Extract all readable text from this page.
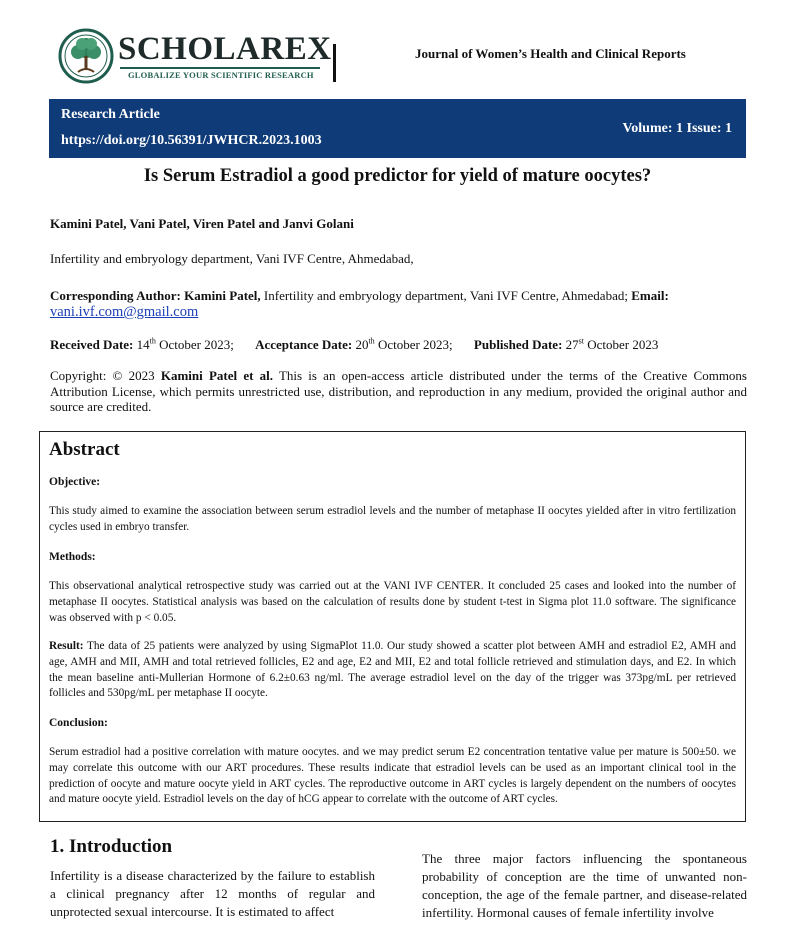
SCHOLAREX
GLOBALIZE YOUR SCIENTIFIC RESEARCH
Journal of Women’s Health and Clinical Reports
Research Article
https://doi.org/10.56391/JWHCR.2023.1003
Volume: 1 Issue: 1
Is Serum Estradiol a good predictor for yield of mature oocytes?
Kamini Patel, Vani Patel, Viren Patel and Janvi Golani
Infertility and embryology department, Vani IVF Centre, Ahmedabad,
Corresponding Author: Kamini Patel, Infertility and embryology department, Vani IVF Centre, Ahmedabad; Email:
vani.ivf.com@gmail.com
Received Date: 14th October 2023; Acceptance Date: 20th October 2023; Published Date: 27st October 2023
Copyright: © 2023 Kamini Patel et al. This is an open-access article distributed under the terms of the Creative Commons Attribution License, which permits unrestricted use, distribution, and reproduction in any medium, provided the original author and source are credited.
Abstract
Objective:
This study aimed to examine the association between serum estradiol levels and the number of metaphase II oocytes yielded after in vitro fertilization cycles used in embryo transfer.
Methods:
This observational analytical retrospective study was carried out at the VANI IVF CENTER. It concluded 25 cases and looked into the number of metaphase II oocytes. Statistical analysis was based on the calculation of results done by student t-test in Sigma plot 11.0 software. The significance was observed with p < 0.05.
Result: The data of 25 patients were analyzed by using SigmaPlot 11.0. Our study showed a scatter plot between AMH and estradiol E2, AMH and age, AMH and MII, AMH and total retrieved follicles, E2 and age, E2 and MII, E2 and total follicle retrieved and stimulation days, and E2. In which the mean baseline anti-Mullerian Hormone of 6.2±0.63 ng/ml. The average estradiol level on the day of the trigger was 373pg/mL per retrieved follicles and 530pg/mL per metaphase II oocyte.
Conclusion:
Serum estradiol had a positive correlation with mature oocytes. and we may predict serum E2 concentration tentative value per mature is 500±50. we may correlate this outcome with our ART procedures. These results indicate that estradiol levels can be used as an important clinical tool in the prediction of oocyte and mature oocyte yield in ART cycles. The reproductive outcome in ART cycles is largely dependent on the numbers of oocytes and mature oocyte yield. Estradiol levels on the day of hCG appear to correlate with the outcome of ART cycles.
1. Introduction
Infertility is a disease characterized by the failure to establish a clinical pregnancy after 12 months of regular and unprotected sexual intercourse. It is estimated to affect
The three major factors influencing the spontaneous probability of conception are the time of unwanted non-conception, the age of the female partner, and disease-related infertility. Hormonal causes of female infertility involve
